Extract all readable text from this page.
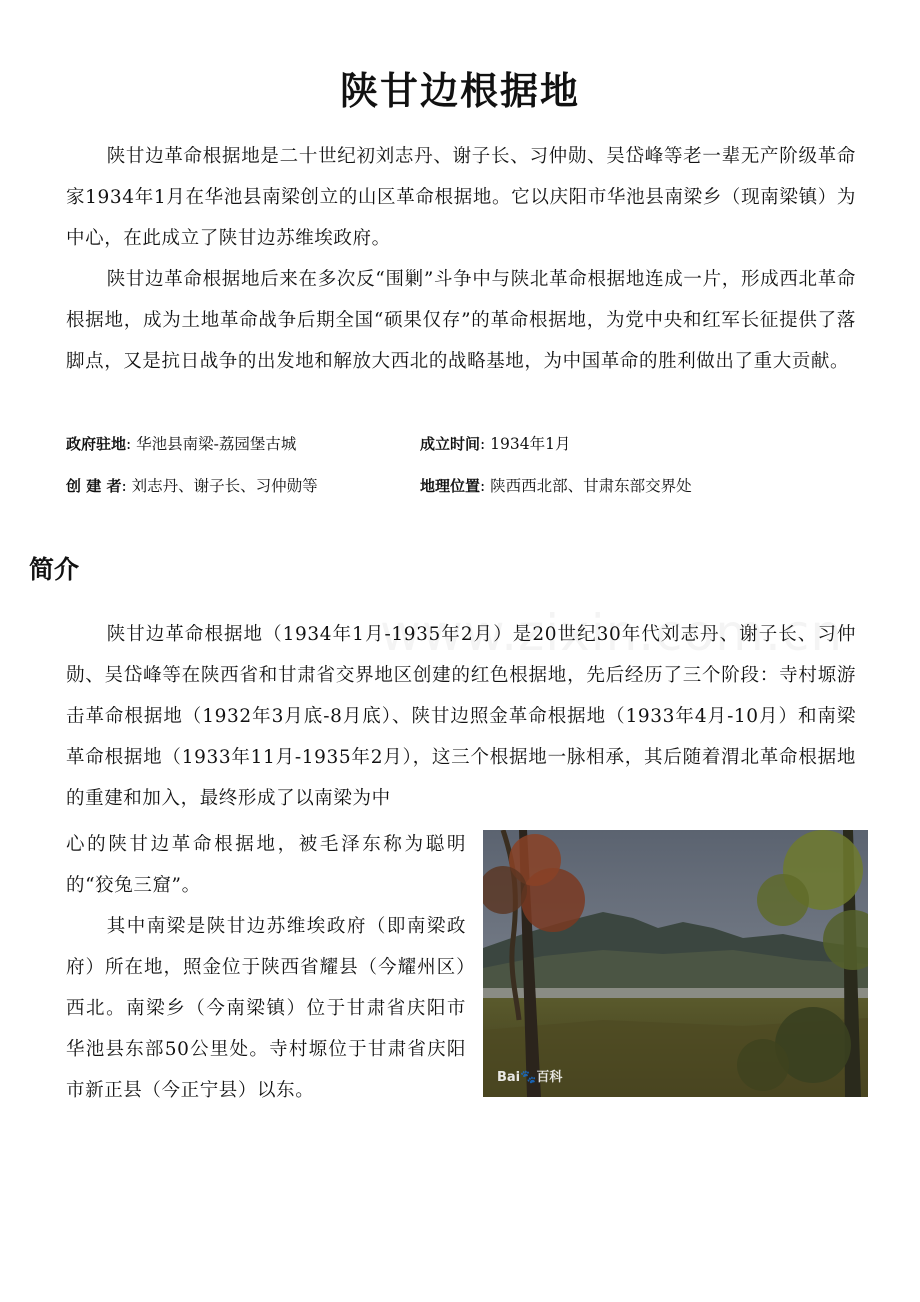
陕甘边根据地

陕甘边革命根据地是二十世纪初刘志丹、谢子长、习仲勋、吴岱峰等老一辈无产阶级革命家1934年1月在华池县南梁创立的山区革命根据地。它以庆阳市华池县南梁乡（现南梁镇）为中心，在此成立了陕甘边苏维埃政府。

陕甘边革命根据地后来在多次反“围剿”斗争中与陕北革命根据地连成一片，形成西北革命根据地，成为土地革命战争后期全国“硕果仅存”的革命根据地，为党中央和红军长征提供了落脚点，又是抗日战争的出发地和解放大西北的战略基地，为中国革命的胜利做出了重大贡献。

政府驻地: 华池县南梁-荔园堡古城	成立时间: 1934年1月
创 建 者: 刘志丹、谢子长、习仲勋等	地理位置: 陕西西北部、甘肃东部交界处
简介

陕甘边革命根据地（1934年1月-1935年2月）是20世纪30年代刘志丹、谢子长、习仲勋、吴岱峰等在陕西省和甘肃省交界地区创建的红色根据地，先后经历了三个阶段：寺村塬游击革命根据地（1932年3月底-8月底）、陕甘边照金革命根据地（1933年4月-10月）和南梁革命根据地（1933年11月-1935年2月），这三个根据地一脉相承，其后随着渭北革命根据地的重建和加入，最终形成了以南梁为中

心的陕甘边革命根据地，被毛泽东称为聪明的“狡兔三窟”。

其中南梁是陕甘边苏维埃政府（即南梁政府）所在地，照金位于陕西省耀县（今耀州区）西北。南梁乡（今南梁镇）位于甘肃省庆阳市华池县东部50公里处。寺村塬位于甘肃省庆阳市新正县（今正宁县）以东。

Bai🐾百科
